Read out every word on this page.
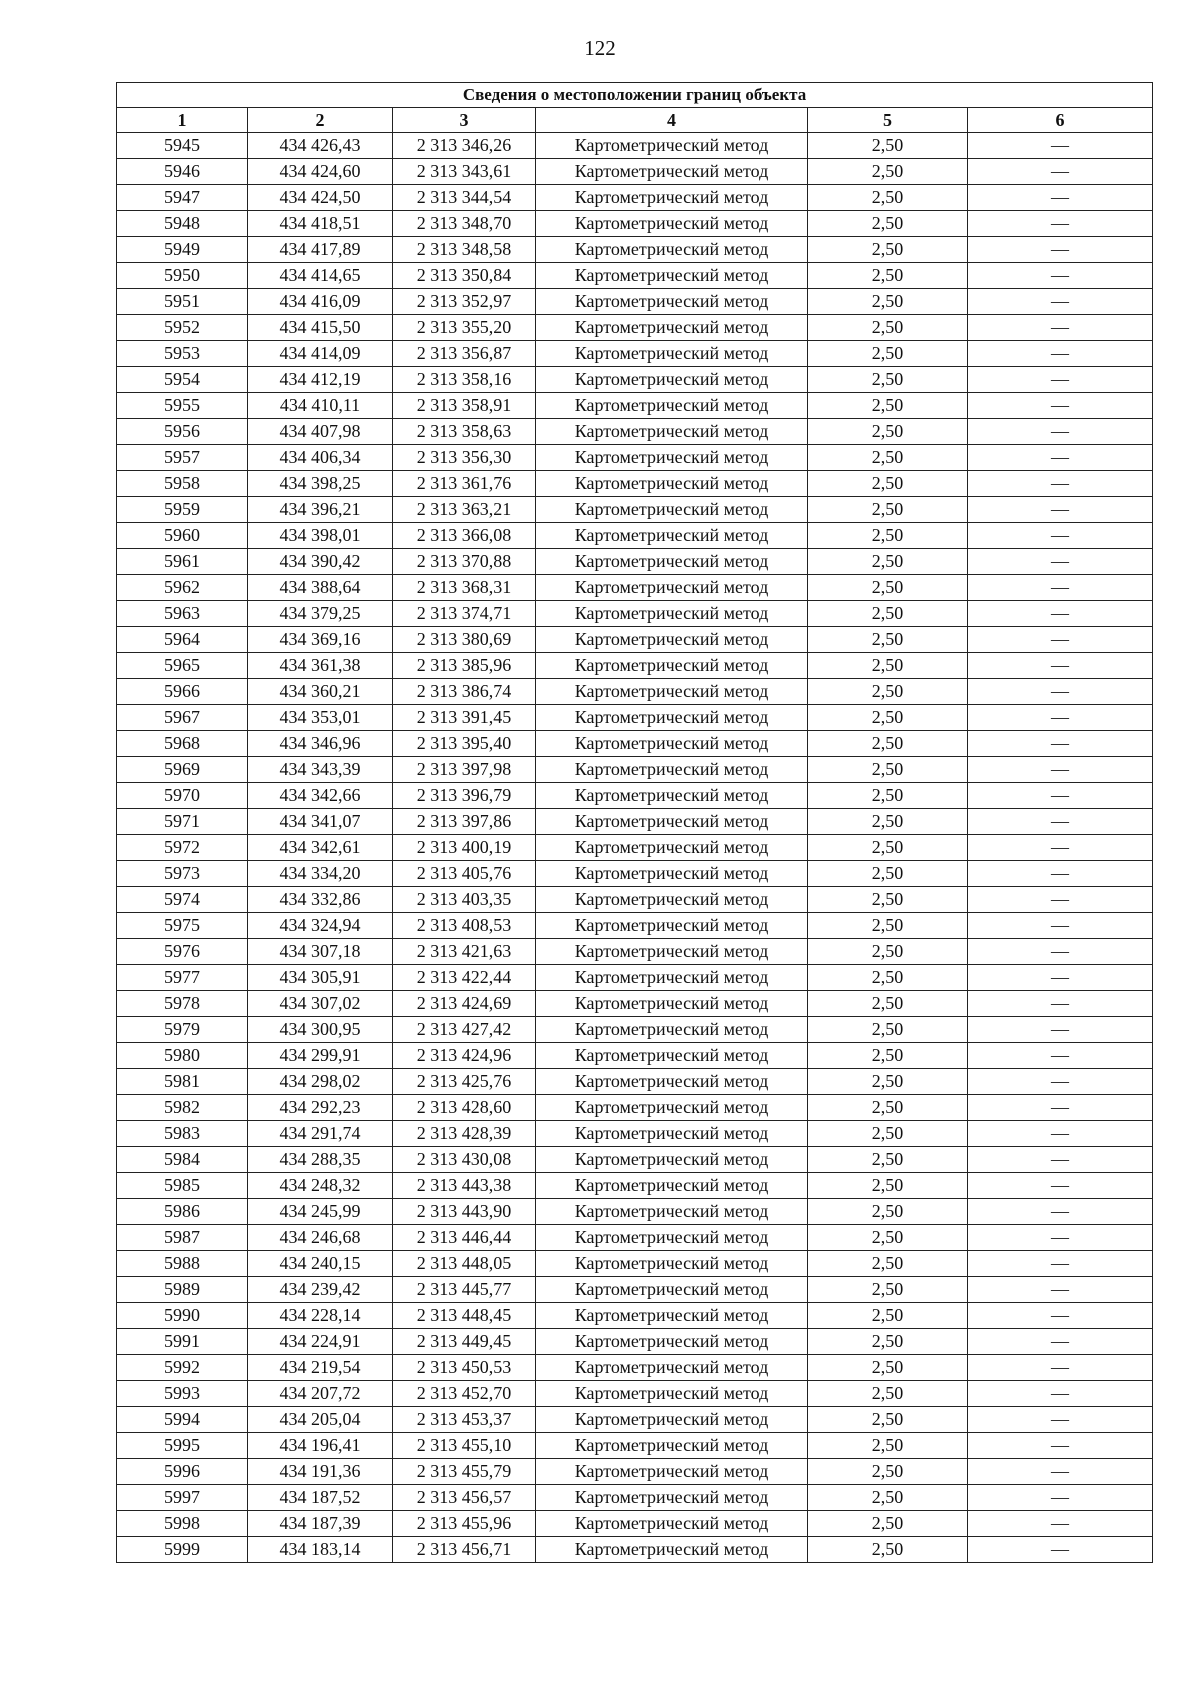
122
Сведения о местоположении границ объекта					
1	2	3	4	5	6
5945	434 426,43	2 313 346,26	Картометрический метод	2,50	—
5946	434 424,60	2 313 343,61	Картометрический метод	2,50	—
5947	434 424,50	2 313 344,54	Картометрический метод	2,50	—
5948	434 418,51	2 313 348,70	Картометрический метод	2,50	—
5949	434 417,89	2 313 348,58	Картометрический метод	2,50	—
5950	434 414,65	2 313 350,84	Картометрический метод	2,50	—
5951	434 416,09	2 313 352,97	Картометрический метод	2,50	—
5952	434 415,50	2 313 355,20	Картометрический метод	2,50	—
5953	434 414,09	2 313 356,87	Картометрический метод	2,50	—
5954	434 412,19	2 313 358,16	Картометрический метод	2,50	—
5955	434 410,11	2 313 358,91	Картометрический метод	2,50	—
5956	434 407,98	2 313 358,63	Картометрический метод	2,50	—
5957	434 406,34	2 313 356,30	Картометрический метод	2,50	—
5958	434 398,25	2 313 361,76	Картометрический метод	2,50	—
5959	434 396,21	2 313 363,21	Картометрический метод	2,50	—
5960	434 398,01	2 313 366,08	Картометрический метод	2,50	—
5961	434 390,42	2 313 370,88	Картометрический метод	2,50	—
5962	434 388,64	2 313 368,31	Картометрический метод	2,50	—
5963	434 379,25	2 313 374,71	Картометрический метод	2,50	—
5964	434 369,16	2 313 380,69	Картометрический метод	2,50	—
5965	434 361,38	2 313 385,96	Картометрический метод	2,50	—
5966	434 360,21	2 313 386,74	Картометрический метод	2,50	—
5967	434 353,01	2 313 391,45	Картометрический метод	2,50	—
5968	434 346,96	2 313 395,40	Картометрический метод	2,50	—
5969	434 343,39	2 313 397,98	Картометрический метод	2,50	—
5970	434 342,66	2 313 396,79	Картометрический метод	2,50	—
5971	434 341,07	2 313 397,86	Картометрический метод	2,50	—
5972	434 342,61	2 313 400,19	Картометрический метод	2,50	—
5973	434 334,20	2 313 405,76	Картометрический метод	2,50	—
5974	434 332,86	2 313 403,35	Картометрический метод	2,50	—
5975	434 324,94	2 313 408,53	Картометрический метод	2,50	—
5976	434 307,18	2 313 421,63	Картометрический метод	2,50	—
5977	434 305,91	2 313 422,44	Картометрический метод	2,50	—
5978	434 307,02	2 313 424,69	Картометрический метод	2,50	—
5979	434 300,95	2 313 427,42	Картометрический метод	2,50	—
5980	434 299,91	2 313 424,96	Картометрический метод	2,50	—
5981	434 298,02	2 313 425,76	Картометрический метод	2,50	—
5982	434 292,23	2 313 428,60	Картометрический метод	2,50	—
5983	434 291,74	2 313 428,39	Картометрический метод	2,50	—
5984	434 288,35	2 313 430,08	Картометрический метод	2,50	—
5985	434 248,32	2 313 443,38	Картометрический метод	2,50	—
5986	434 245,99	2 313 443,90	Картометрический метод	2,50	—
5987	434 246,68	2 313 446,44	Картометрический метод	2,50	—
5988	434 240,15	2 313 448,05	Картометрический метод	2,50	—
5989	434 239,42	2 313 445,77	Картометрический метод	2,50	—
5990	434 228,14	2 313 448,45	Картометрический метод	2,50	—
5991	434 224,91	2 313 449,45	Картометрический метод	2,50	—
5992	434 219,54	2 313 450,53	Картометрический метод	2,50	—
5993	434 207,72	2 313 452,70	Картометрический метод	2,50	—
5994	434 205,04	2 313 453,37	Картометрический метод	2,50	—
5995	434 196,41	2 313 455,10	Картометрический метод	2,50	—
5996	434 191,36	2 313 455,79	Картометрический метод	2,50	—
5997	434 187,52	2 313 456,57	Картометрический метод	2,50	—
5998	434 187,39	2 313 455,96	Картометрический метод	2,50	—
5999	434 183,14	2 313 456,71	Картометрический метод	2,50	—
